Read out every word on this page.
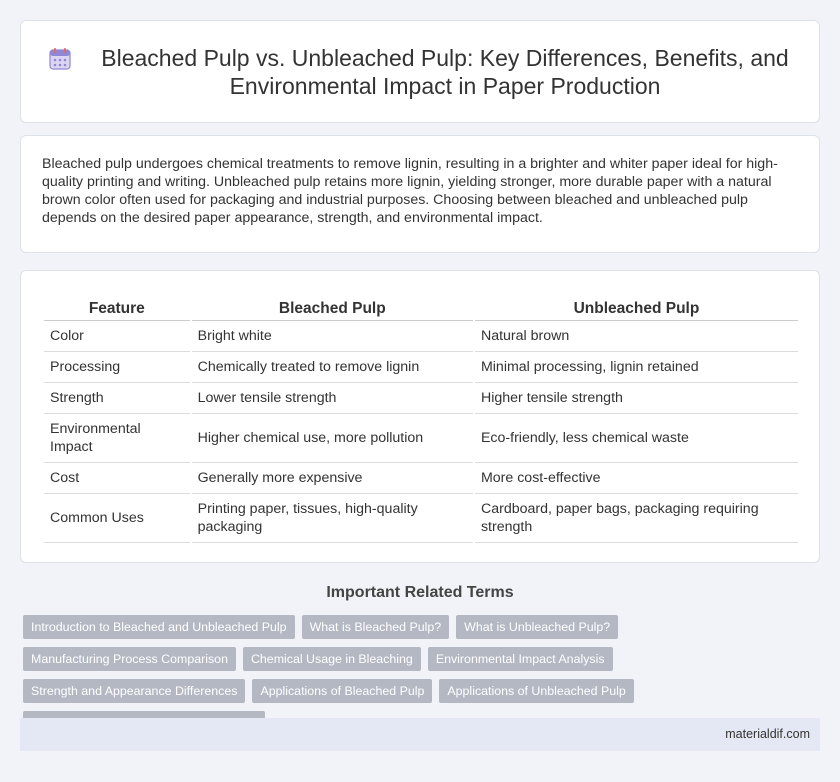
Bleached Pulp vs. Unbleached Pulp: Key Differences, Benefits, and Environmental Impact in Paper Production

Bleached pulp undergoes chemical treatments to remove lignin, resulting in a brighter and whiter paper ideal for high-quality printing and writing. Unbleached pulp retains more lignin, yielding stronger, more durable paper with a natural brown color often used for packaging and industrial purposes. Choosing between bleached and unbleached pulp depends on the desired paper appearance, strength, and environmental impact.

Feature	Bleached Pulp	Unbleached Pulp
Color	Bright white	Natural brown
Processing	Chemically treated to remove lignin	Minimal processing, lignin retained
Strength	Lower tensile strength	Higher tensile strength
Environmental Impact	Higher chemical use, more pollution	Eco-friendly, less chemical waste
Cost	Generally more expensive	More cost-effective
Common Uses	Printing paper, tissues, high-quality packaging	Cardboard, paper bags, packaging requiring strength
Important Related Terms
Introduction to Bleached and Unbleached Pulp	What is Bleached Pulp?	What is Unbleached Pulp?
Manufacturing Process Comparison	Chemical Usage in Bleaching	Environmental Impact Analysis
Strength and Appearance Differences	Applications of Bleached Pulp	Applications of Unbleached Pulp
materialdif.com
